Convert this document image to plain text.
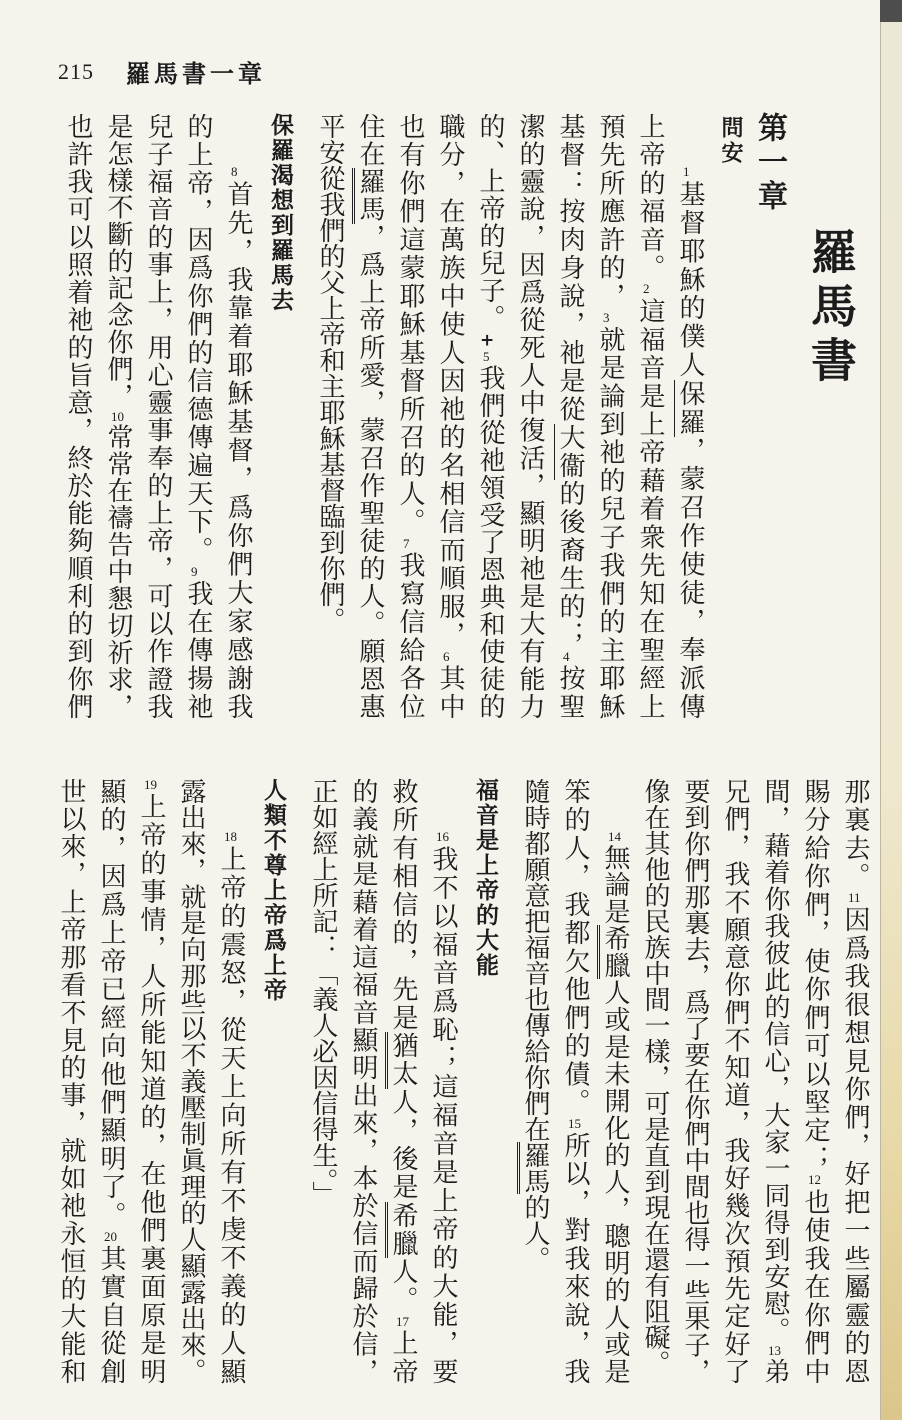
215 羅馬書一章
羅馬書
第一章
問安
1基督耶穌的僕人保羅，蒙召作使徒，奉派傳
上帝的福音。2這福音是上帝藉着衆先知在聖經上
預先所應許的，3就是論到祂的兒子我們的主耶穌
基督：按肉身說，祂是從大衞的後裔生的；4按聖
潔的靈說，因爲從死人中復活，顯明祂是大有能力
的、上帝的兒子。+5我們從祂領受了恩典和使徒的
職分，在萬族中使人因祂的名相信而順服，6其中
也有你們這蒙耶穌基督所召的人。7我寫信給各位
住在羅馬，爲上帝所愛，蒙召作聖徒的人。願恩惠
平安從我們的父上帝和主耶穌基督臨到你們。
保羅渴想到羅馬去
8首先，我靠着耶穌基督，爲你們大家感謝我
的上帝，因爲你們的信德傳遍天下。9我在傳揚祂
兒子福音的事上，用心靈事奉的上帝，可以作證我
是怎樣不斷的記念你們，10常常在禱告中懇切祈求，
也許我可以照着祂的旨意，終於能夠順利的到你們
那裏去。11因爲我很想見你們，好把一些屬靈的恩
賜分給你們，使你們可以堅定；12也使我在你們中
間，藉着你我彼此的信心，大家一同得到安慰。13弟
兄們，我不願意你們不知道，我好幾次預先定好了
要到你們那裏去，爲了要在你們中間也得一些果子，
像在其他的民族中間一樣，可是直到現在還有阻礙。
14無論是希臘人或是未開化的人，聰明的人或是
笨的人，我都欠他們的債。15所以，對我來說，我
隨時都願意把福音也傳給你們在羅馬的人。
福音是上帝的大能
16我不以福音爲恥；這福音是上帝的大能，要
救所有相信的，先是猶太人，後是希臘人。17上帝
的義就是藉着這福音顯明出來，本於信而歸於信，
正如經上所記：「義人必因信得生。」
人類不尊上帝爲上帝
18上帝的震怒，從天上向所有不虔不義的人顯
露出來，就是向那些以不義壓制眞理的人顯露出來。
19上帝的事情，人所能知道的，在他們裏面原是明
顯的，因爲上帝已經向他們顯明了。20其實自從創
世以來，上帝那看不見的事，就如祂永恒的大能和
